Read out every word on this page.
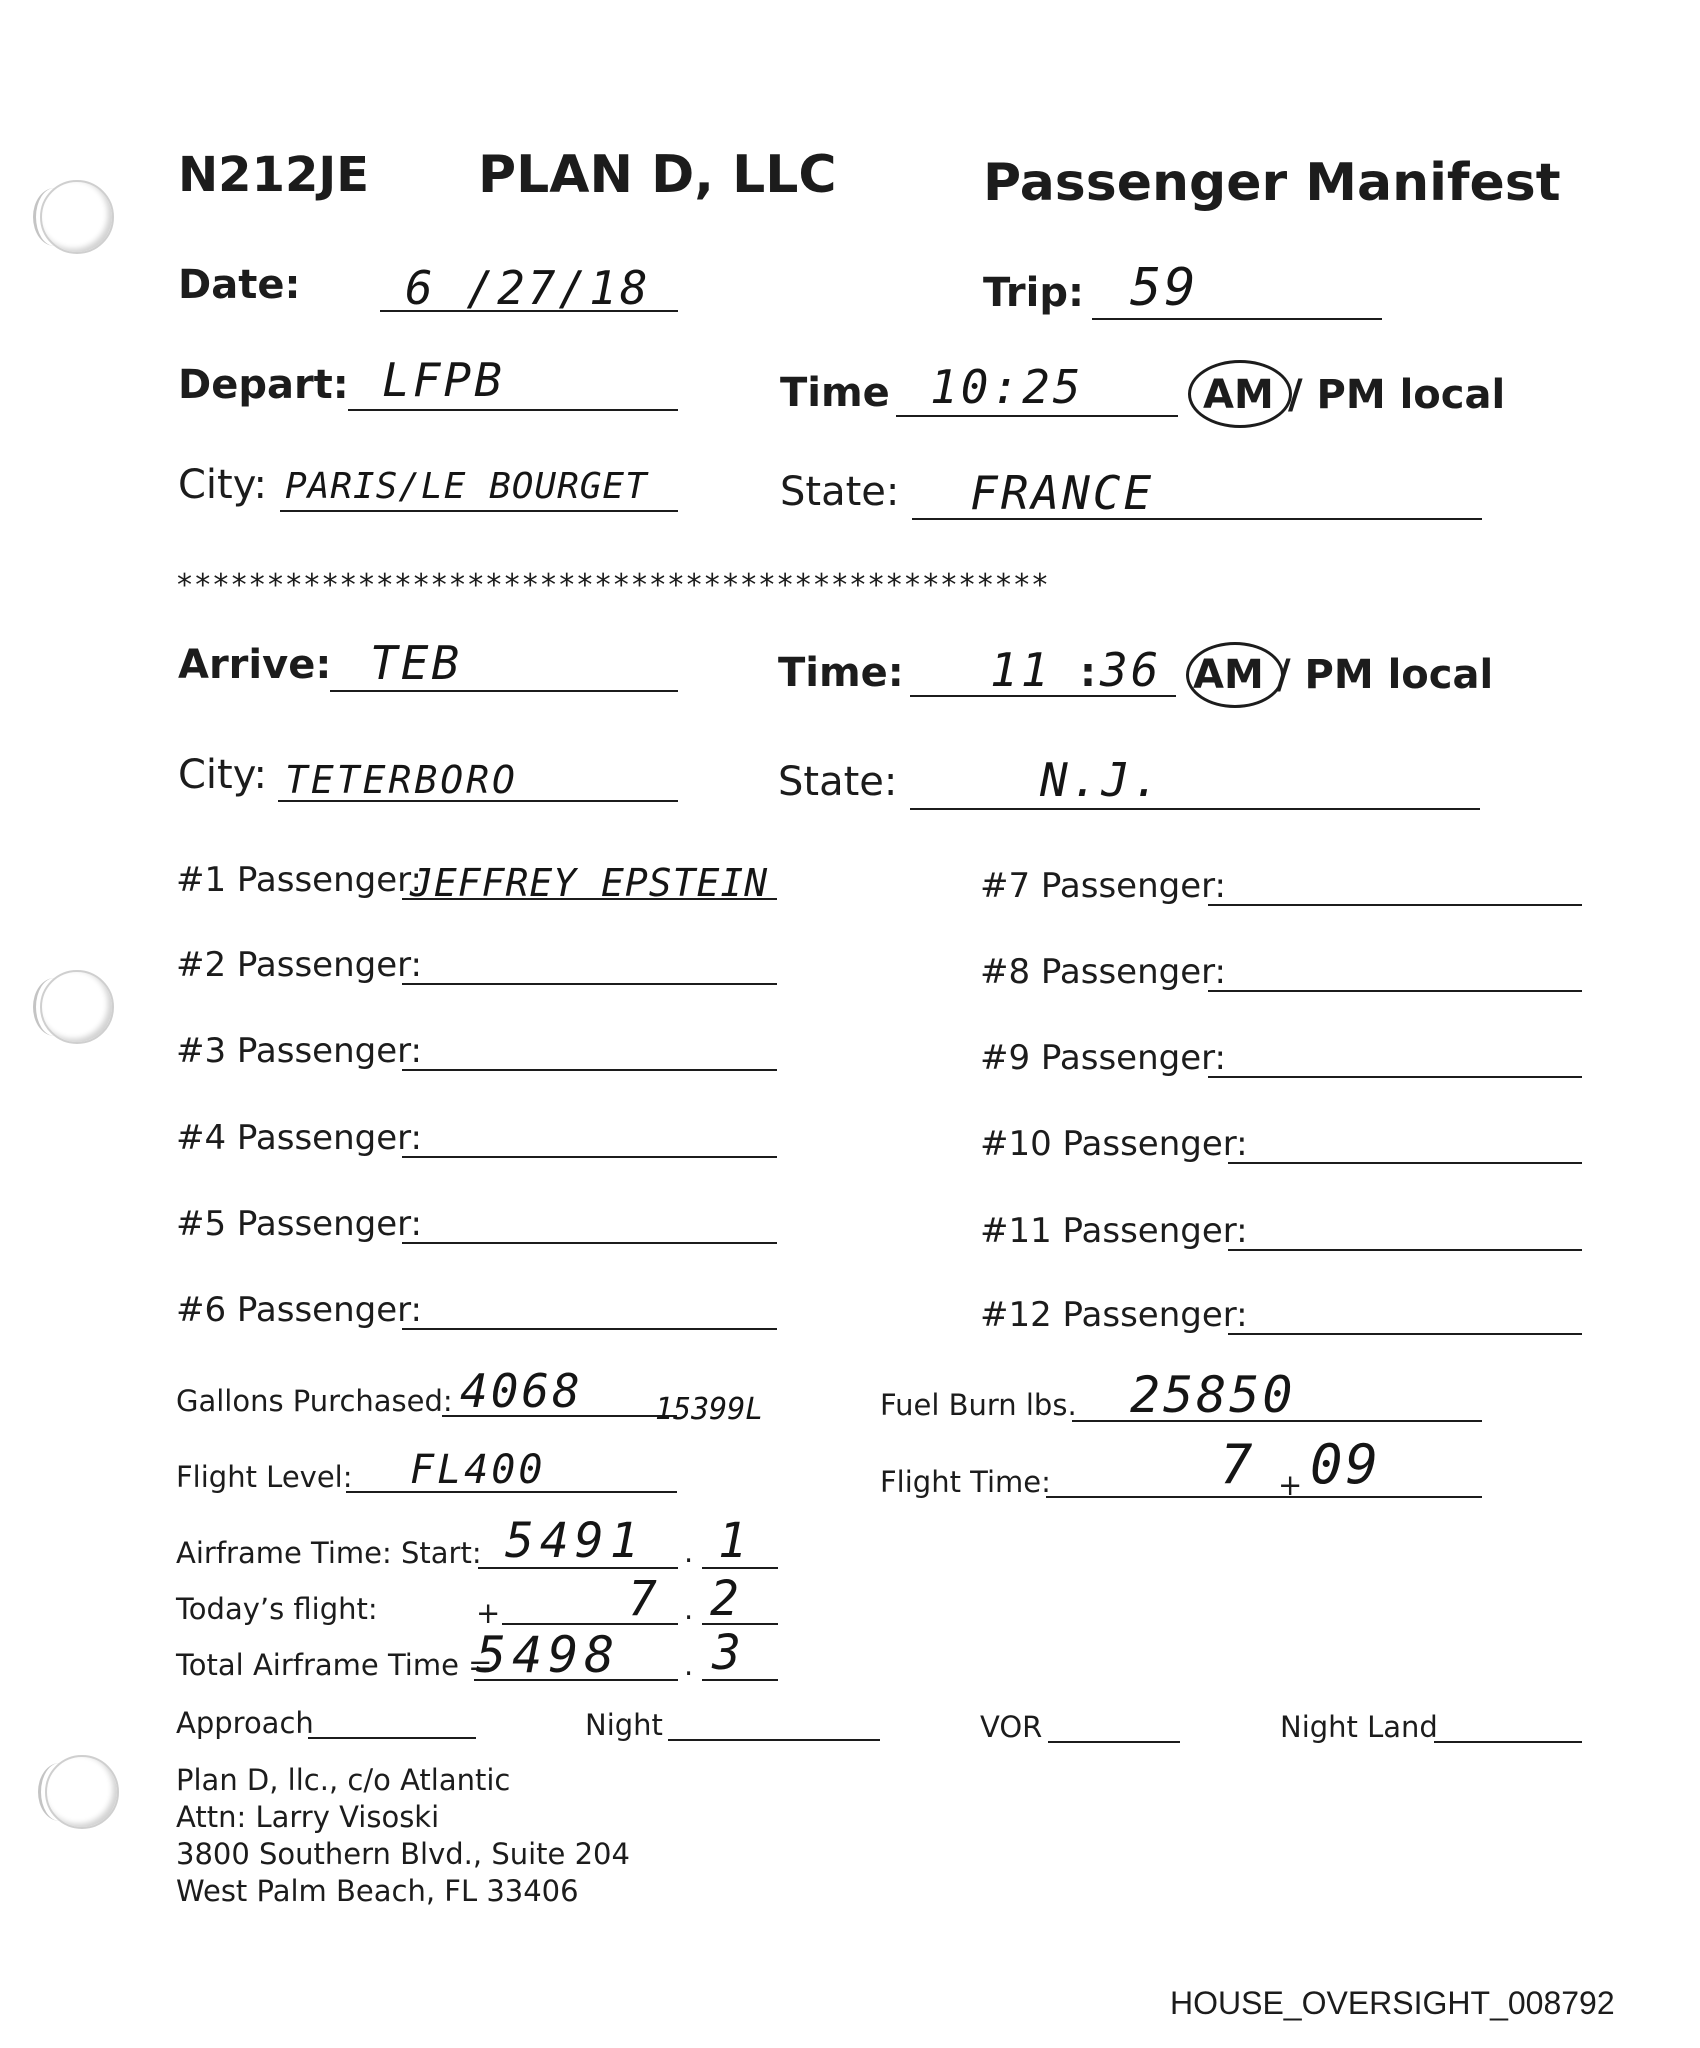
N212JE PLAN D, LLC	Passenger Manifest
Date: 6 /27/18	Trip: 59
Depart: LFPB	Time 10:25	AM / PM local
City: PARIS/LE BOURGET	State: FRANCE
************************************************
Arrive: TEB	Time: 11 : 36 AM / PM local
City: TETERBORO	State:	N.J.
#1 Passenger:
JEFFREY EPSTEIN
#2 Passenger:
#3 Passenger:
#4 Passenger:
#5 Passenger:
#6 Passenger:
#7 Passenger:
#8 Passenger:
#9 Passenger:
#10 Passenger:
#11 Passenger:
#12 Passenger:
Gallons Purchased: 4068 15399L	Fuel Burn lbs. 25850
Flight Level: FL400	Flight Time:	7 + 09
Airframe Time: Start: 5491 . 1
Today’s flight:	+	7 . 2
Total Airframe Time =
5498 . 3
Approach	Night	VOR	Night Land
Plan D, llc., c/o Atlantic
Attn: Larry Visoski
3800 Southern Blvd., Suite 204
West Palm Beach, FL 33406
HOUSE_OVERSIGHT_008792
